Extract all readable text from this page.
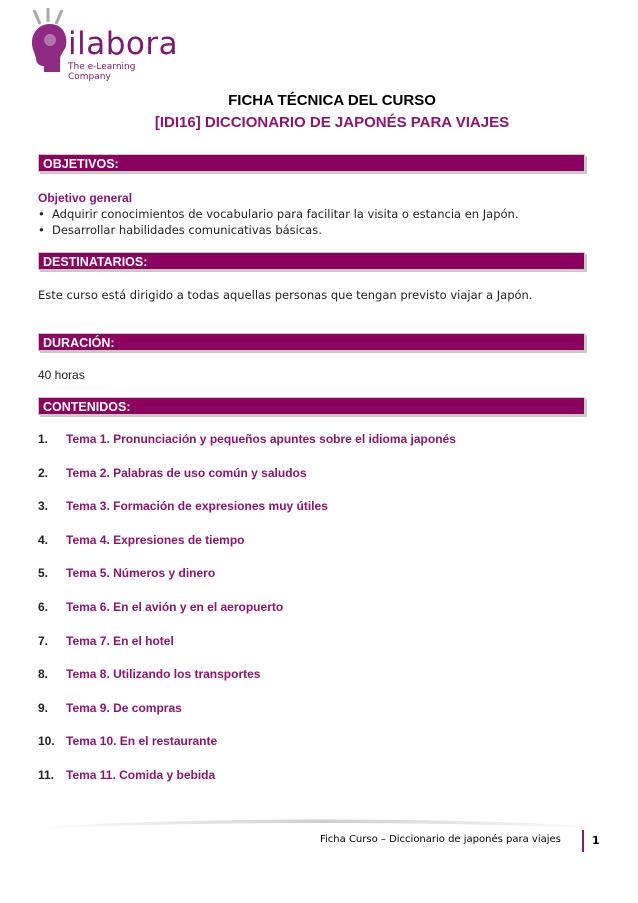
ilabora
The e-Learning Company
FICHA TÉCNICA DEL CURSO
[IDI16] DICCIONARIO DE JAPONÉS PARA VIAJES
OBJETIVOS:
Objetivo general
• Adquirir conocimientos de vocabulario para facilitar la visita o estancia en Japón.
• Desarrollar habilidades comunicativas básicas.
DESTINATARIOS:
Este curso está dirigido a todas aquellas personas que tengan previsto viajar a Japón.
DURACIÓN:
40 horas
CONTENIDOS:
1.	Tema 1. Pronunciación y pequeños apuntes sobre el idioma japonés
2.	Tema 2. Palabras de uso común y saludos
3.	Tema 3. Formación de expresiones muy útiles
4.	Tema 4. Expresiones de tiempo
5.	Tema 5. Números y dinero
6.	Tema 6. En el avión y en el aeropuerto
7.	Tema 7. En el hotel
8.	Tema 8. Utilizando los transportes
9.	Tema 9. De compras
10. Tema 10. En el restaurante
11. Tema 11. Comida y bebida
Ficha Curso – Diccionario de japonés para viajes	1
